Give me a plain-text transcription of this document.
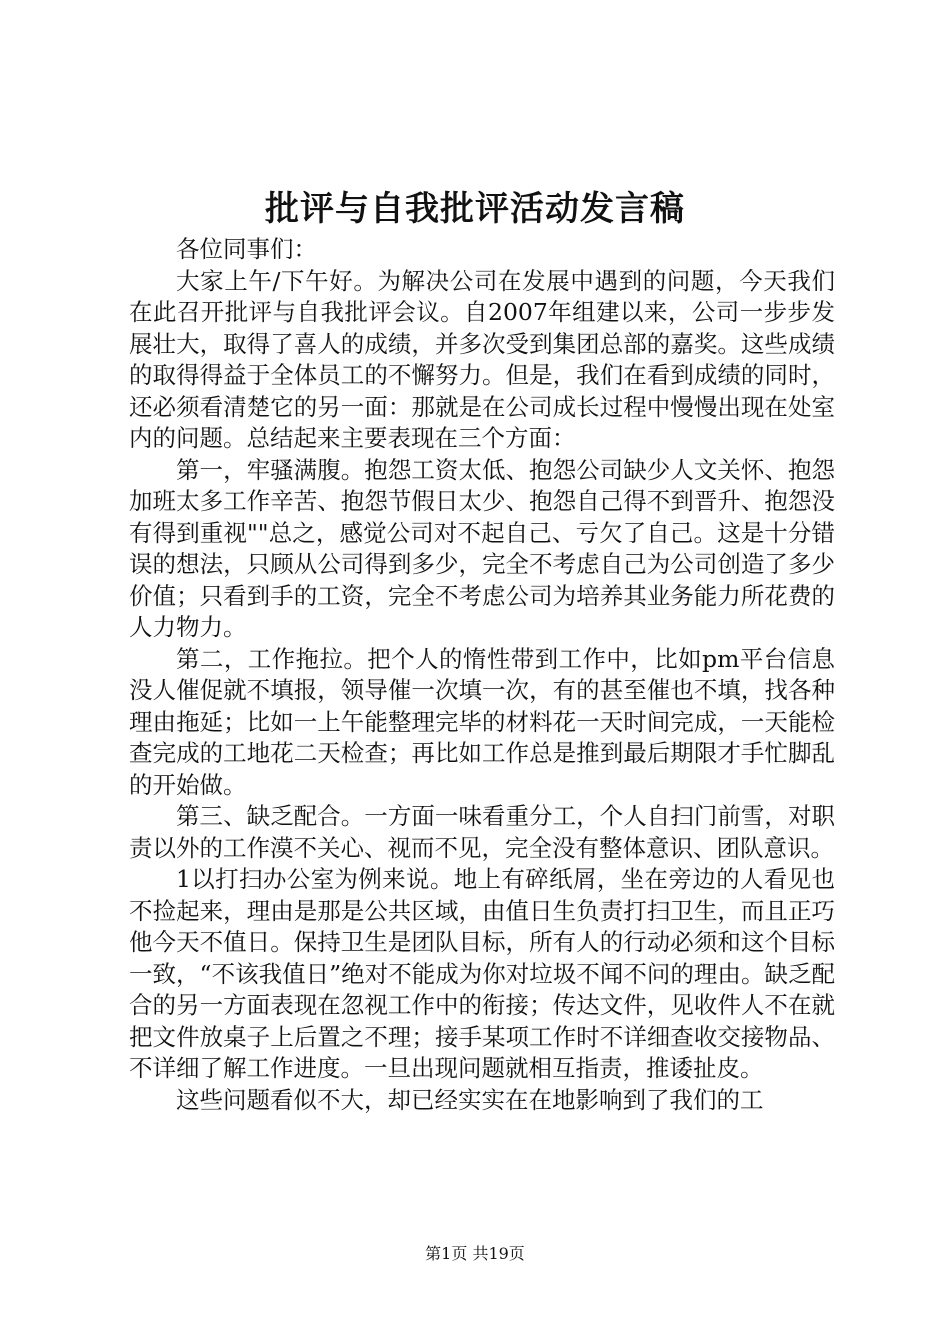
批评与自我批评活动发言稿

各位同事们：

大家上午/下午好。为解决公司在发展中遇到的问题，今天我们在此召开批评与自我批评会议。自2007年组建以来，公司一步步发展壮大，取得了喜人的成绩，并多次受到集团总部的嘉奖。这些成绩的取得得益于全体员工的不懈努力。但是，我们在看到成绩的同时，还必须看清楚它的另一面：那就是在公司成长过程中慢慢出现在处室内的问题。总结起来主要表现在三个方面：

第一，牢骚满腹。抱怨工资太低、抱怨公司缺少人文关怀、抱怨加班太多工作辛苦、抱怨节假日太少、抱怨自己得不到晋升、抱怨没有得到重视""总之，感觉公司对不起自己、亏欠了自己。这是十分错误的想法，只顾从公司得到多少，完全不考虑自己为公司创造了多少价值；只看到手的工资，完全不考虑公司为培养其业务能力所花费的人力物力。

第二，工作拖拉。把个人的惰性带到工作中，比如pm平台信息没人催促就不填报，领导催一次填一次，有的甚至催也不填，找各种理由拖延；比如一上午能整理完毕的材料花一天时间完成，一天能检查完成的工地花二天检查；再比如工作总是推到最后期限才手忙脚乱的开始做。

第三、缺乏配合。一方面一味看重分工，个人自扫门前雪，对职责以外的工作漠不关心、视而不见，完全没有整体意识、团队意识。

1以打扫办公室为例来说。地上有碎纸屑，坐在旁边的人看见也不捡起来，理由是那是公共区域，由值日生负责打扫卫生，而且正巧他今天不值日。保持卫生是团队目标，所有人的行动必须和这个目标一致，“不该我值日”绝对不能成为你对垃圾不闻不问的理由。缺乏配合的另一方面表现在忽视工作中的衔接；传达文件，见收件人不在就把文件放桌子上后置之不理；接手某项工作时不详细查收交接物品、不详细了解工作进度。一旦出现问题就相互指责，推诿扯皮。

这些问题看似不大，却已经实实在在地影响到了我们的工

第1页 共19页
